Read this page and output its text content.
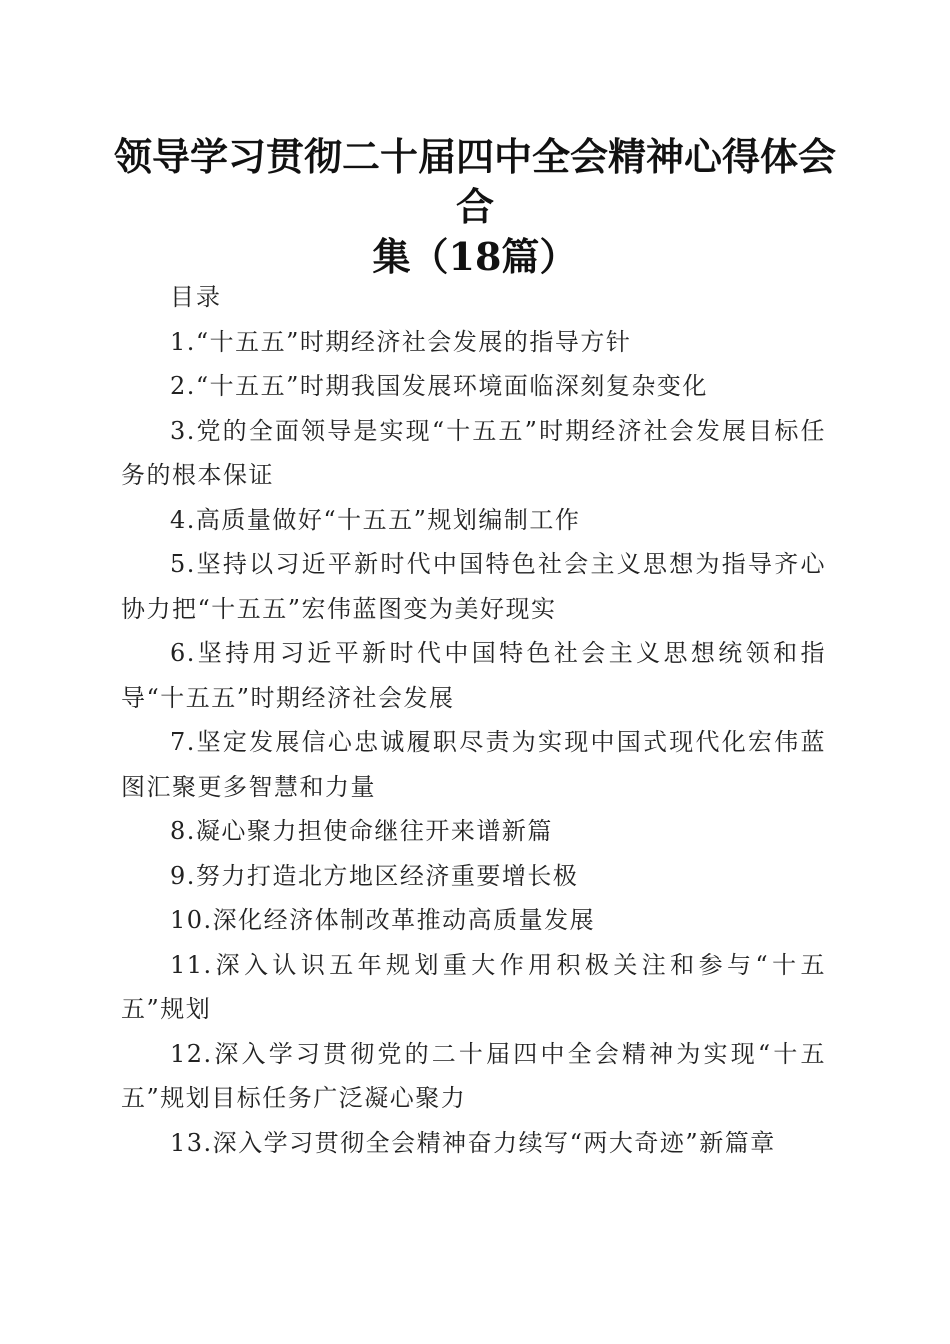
领导学习贯彻二十届四中全会精神心得体会合
集（18篇）

目录

1.“十五五”时期经济社会发展的指导方针

2.“十五五”时期我国发展环境面临深刻复杂变化

3.党的全面领导是实现“十五五”时期经济社会发展目标任务的根本保证

4.高质量做好“十五五”规划编制工作

5.坚持以习近平新时代中国特色社会主义思想为指导齐心协力把“十五五”宏伟蓝图变为美好现实

6.坚持用习近平新时代中国特色社会主义思想统领和指导“十五五”时期经济社会发展

7.坚定发展信心忠诚履职尽责为实现中国式现代化宏伟蓝图汇聚更多智慧和力量

8.凝心聚力担使命继往开来谱新篇

9.努力打造北方地区经济重要增长极

10.深化经济体制改革推动高质量发展

11.深入认识五年规划重大作用积极关注和参与“十五五”规划

12.深入学习贯彻党的二十届四中全会精神为实现“十五五”规划目标任务广泛凝心聚力

13.深入学习贯彻全会精神奋力续写“两大奇迹”新篇章
